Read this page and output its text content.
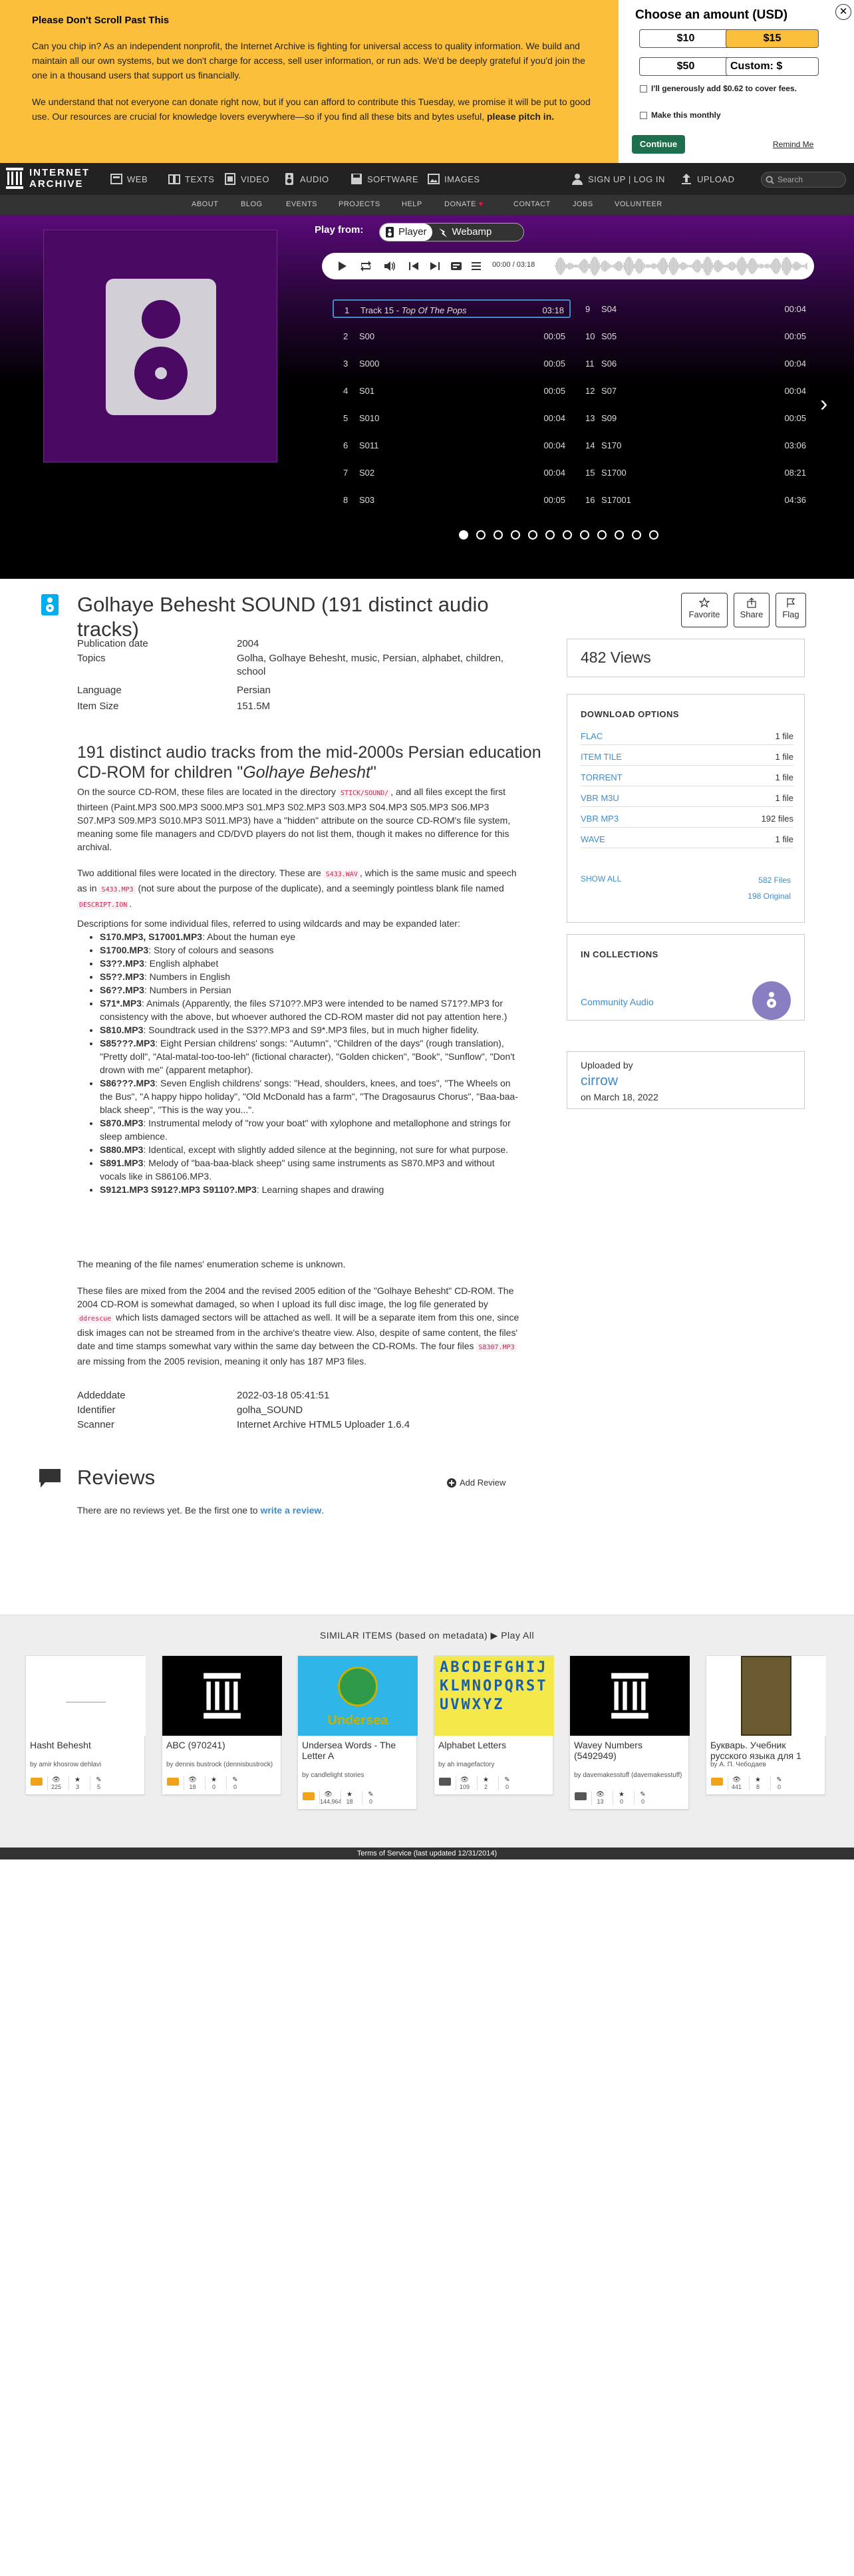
Please Don't Scroll Past This
Can you chip in? As an independent nonprofit, the Internet Archive is fighting for universal access to quality information. We build and maintain all our own systems, but we don't charge for access, sell user information, or run ads. We'd be deeply grateful if you'd join the one in a thousand users that support us financially.
We understand that not everyone can donate right now, but if you can afford to contribute this Tuesday, we promise it will be put to good use. Our resources are crucial for knowledge lovers everywhere—so if you find all these bits and bytes useful, please pitch in.
Choose an amount (USD)
$10	$15
$50	Custom: $
I'll generously add $0.62 to cover fees.
Make this monthly
Continue	Remind Me
✕
INTERNET
ARCHIVE	WEB	TEXTS	VIDEO	AUDIO	SOFTWARE	IMAGES	SIGN UP | LOG IN	UPLOAD	Search
ABOUT	BLOG	EVENTS	PROJECTS	HELP	DONATE ♥	CONTACT	JOBS	VOLUNTEER
Play from:	Player	Webamp
00:00 / 03:18
1 Track 15 - Top Of The Pops	03:18
2 S00	00:05
3 S000	00:05
4 S01	00:05
5 S010	00:04
6 S011	00:04
7 S02	00:04
8 S03	00:05
9 S04	00:04
10 S05	00:05
11 S06	00:04
12 S07	00:04
13 S09	00:05
14 S170	03:06
15 S1700	08:21
16 S17001	04:36
›
Golhaye Behesht SOUND (191 distinct audio tracks)
Favorite	Share	Flag
Publication date	2004
Topics	Golha, Golhaye Behesht, music, Persian, alphabet, children, school
Language	Persian
Item Size	151.5M
191 distinct audio tracks from the mid-2000s Persian education CD-ROM for children "Golhaye Behesht"
On the source CD-ROM, these files are located in the directory STICK/SOUND/ , and all files except the first thirteen (Paint.MP3 S00.MP3 S000.MP3 S01.MP3 S02.MP3 S03.MP3 S04.MP3 S05.MP3 S06.MP3 S07.MP3 S09.MP3 S010.MP3 S011.MP3) have a "hidden" attribute on the source CD-ROM's file system, meaning some file managers and CD/DVD players do not list them, though it makes no difference for this archival.
Two additional files were located in the directory. These are S433.WAV , which is the same music and speech as in S433.MP3 (not sure about the purpose of the duplicate), and a seemingly pointless blank file named DESCRIPT.ION .
Descriptions for some individual files, referred to using wildcards and may be expanded later:
• S170.MP3, S17001.MP3: About the human eye
• S1700.MP3: Story of colours and seasons
• S3??.MP3: English alphabet
• S5??.MP3: Numbers in English
• S6??.MP3: Numbers in Persian
• S71*.MP3: Animals (Apparently, the files S710??.MP3 were intended to be named S71??.MP3 for consistency with the above, but whoever authored the CD-ROM master did not pay attention here.)
• S810.MP3: Soundtrack used in the S3??.MP3 and S9*.MP3 files, but in much higher fidelity.
• S85???.MP3: Eight Persian childrens' songs: "Autumn", "Children of the days" (rough translation), "Pretty doll", "Atal-matal-too-too-leh" (fictional character), "Golden chicken", "Book", "Sunflow", "Don't drown with me" (apparent metaphor).
• S86???.MP3: Seven English childrens' songs: "Head, shoulders, knees, and toes", "The Wheels on the Bus", "A happy hippo holiday", "Old McDonald has a farm", "The Dragosaurus Chorus", "Baa-baa-black sheep", "This is the way you...".
• S870.MP3: Instrumental melody of "row your boat" with xylophone and metallophone and strings for sleep ambience.
• S880.MP3: Identical, except with slightly added silence at the beginning, not sure for what purpose.
• S891.MP3: Melody of "baa-baa-black sheep" using same instruments as S870.MP3 and without vocals like in S86106.MP3.
• S9121.MP3 S912?.MP3 S9110?.MP3: Learning shapes and drawing
The meaning of the file names' enumeration scheme is unknown.
These files are mixed from the 2004 and the revised 2005 edition of the "Golhaye Behesht" CD-ROM. The 2004 CD-ROM is somewhat damaged, so when I upload its full disc image, the log file generated by ddrescue which lists damaged sectors will be attached as well. It will be a separate item from this one, since disk images can not be streamed from in the archive's theatre view. Also, despite of same content, the files' date and time stamps somewhat vary within the same day between the CD-ROMs. The four files S8307.MP3 are missing from the 2005 revision, meaning it only has 187 MP3 files.
Addeddate	2022-03-18 05:41:51
Identifier	golha_SOUND
Scanner	Internet Archive HTML5 Uploader 1.6.4
482 Views
DOWNLOAD OPTIONS
FLAC	1 file
ITEM TILE	1 file
TORRENT	1 file
VBR M3U	1 file
VBR MP3	192 files
WAVE	1 file
SHOW ALL	582 Files
198 Original
IN COLLECTIONS
Community Audio
Uploaded by
cirrow
on March 18, 2022
Reviews	Add Review
There are no reviews yet. Be the first one to write a review.
SIMILAR ITEMS (based on metadata) ▶ Play All
Hasht Behesht
by amir khosrow dehlavi
👁
225
★
3
✎
5
ABC (970241)
by dennis bustrock (dennisbustrock)
👁
18
★
0
✎
0
Undersea
Undersea Words - The Letter A
by candlelight stories
👁
144,964
★
18
✎
0
ABCDEFGHIJKLMNOPQRSTUVWXYZ
Alphabet Letters
by ah imagefactory
👁
109
★
2
✎
0
Wavey Numbers (5492949)
by davemakesstuff (davemakesstuff)
👁
13
★
0
✎
0
Букварь. Учебник русского языка для 1
by А. П. Чебодаев
👁
441
★
8
✎
0
Terms of Service (last updated 12/31/2014)
